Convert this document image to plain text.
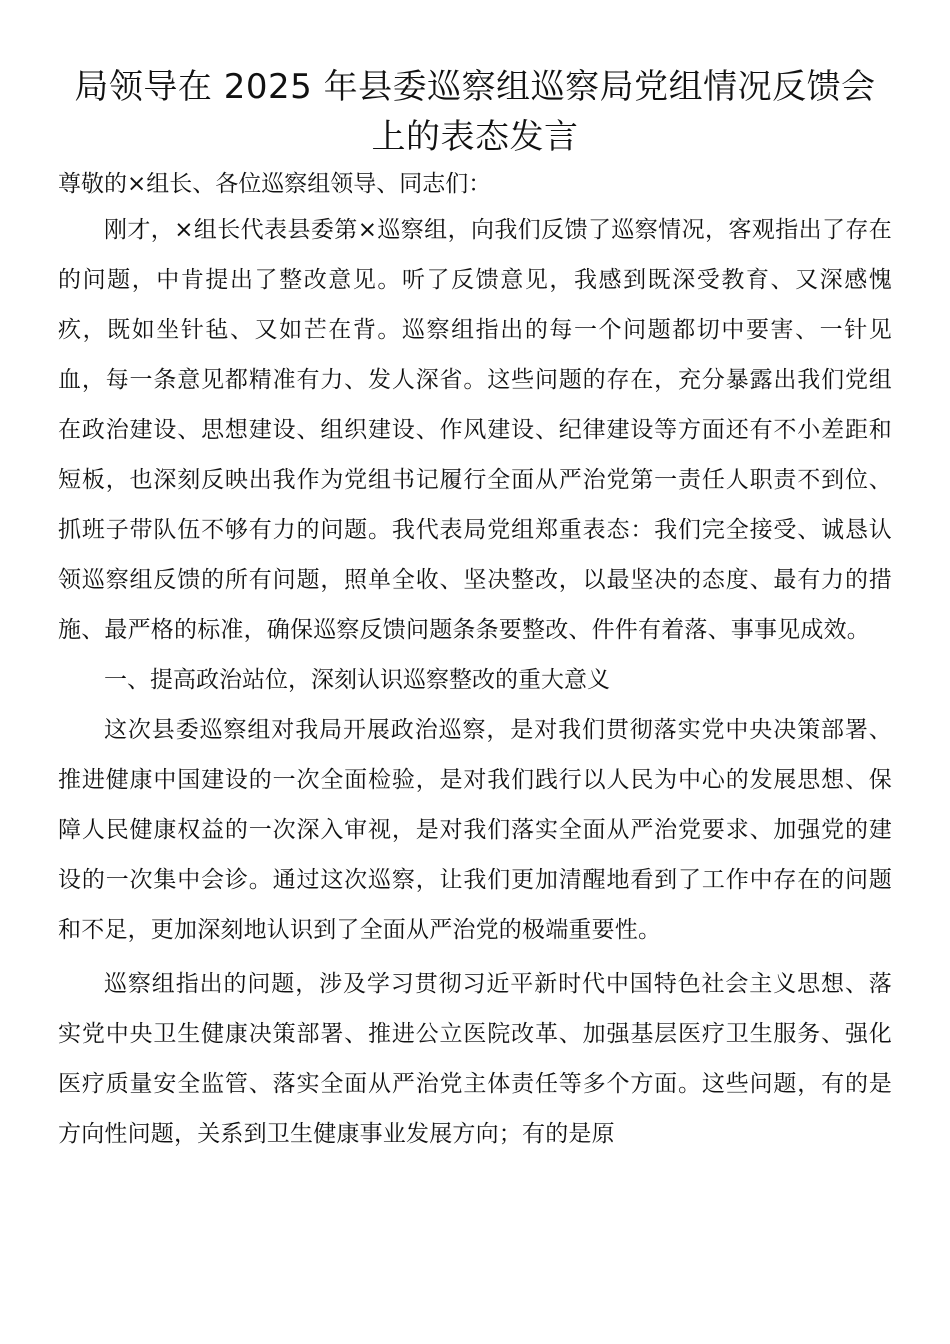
局领导在 2025 年县委巡察组巡察局党组情况反馈会上的表态发言

尊敬的×组长、各位巡察组领导、同志们：

刚才，×组长代表县委第×巡察组，向我们反馈了巡察情况，客观指出了存在的问题，中肯提出了整改意见。听了反馈意见，我感到既深受教育、又深感愧疚，既如坐针毡、又如芒在背。巡察组指出的每一个问题都切中要害、一针见血，每一条意见都精准有力、发人深省。这些问题的存在，充分暴露出我们党组在政治建设、思想建设、组织建设、作风建设、纪律建设等方面还有不小差距和短板，也深刻反映出我作为党组书记履行全面从严治党第一责任人职责不到位、抓班子带队伍不够有力的问题。我代表局党组郑重表态：我们完全接受、诚恳认领巡察组反馈的所有问题，照单全收、坚决整改，以最坚决的态度、最有力的措施、最严格的标准，确保巡察反馈问题条条要整改、件件有着落、事事见成效。

一、提高政治站位，深刻认识巡察整改的重大意义

这次县委巡察组对我局开展政治巡察，是对我们贯彻落实党中央决策部署、推进健康中国建设的一次全面检验，是对我们践行以人民为中心的发展思想、保障人民健康权益的一次深入审视，是对我们落实全面从严治党要求、加强党的建设的一次集中会诊。通过这次巡察，让我们更加清醒地看到了工作中存在的问题和不足，更加深刻地认识到了全面从严治党的极端重要性。

巡察组指出的问题，涉及学习贯彻习近平新时代中国特色社会主义思想、落实党中央卫生健康决策部署、推进公立医院改革、加强基层医疗卫生服务、强化医疗质量安全监管、落实全面从严治党主体责任等多个方面。这些问题，有的是方向性问题，关系到卫生健康事业发展方向；有的是原
